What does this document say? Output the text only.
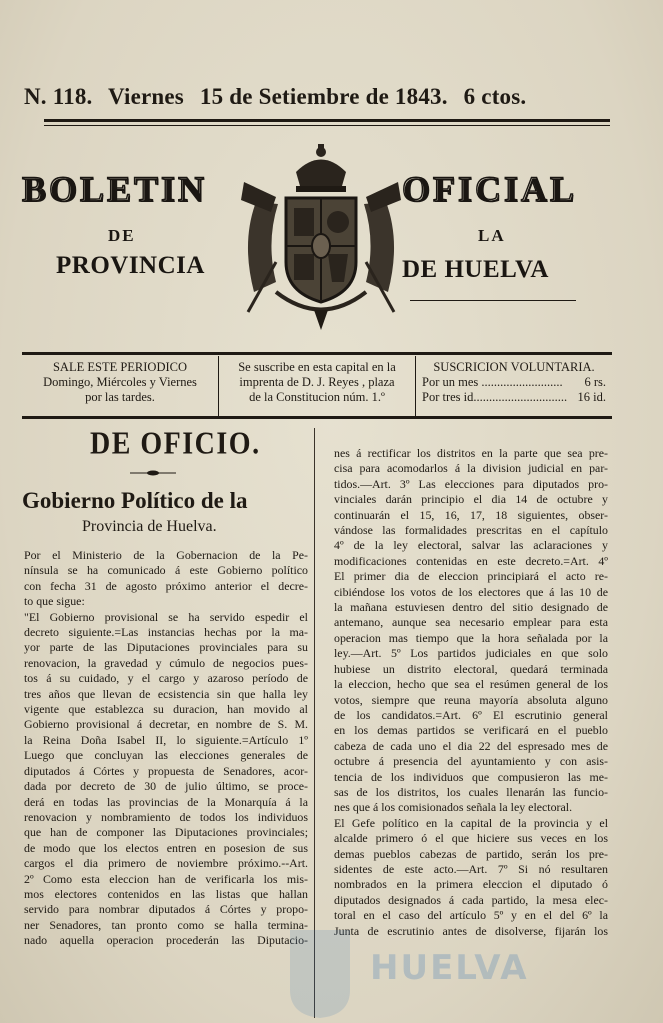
N. 118. Viernes 15 de Setiembre de 1843. 6 ctos.
BOLETIN	OFICIAL
DE	LA
PROVINCIA	DE HUELVA
SALE ESTE PERIODICO
Domingo, Miércoles y Viernes
por las tardes.
Se suscribe en esta capital en la
imprenta de D. J. Reyes , plaza
de la Constitucion núm. 1.º
SUSCRICION VOLUNTARIA.
Por un mes .......................... 6 rs.
Por tres id.............................. 16 id.
DE OFICIO.
Gobierno Político de la
Provincia de Huelva.
Por el Ministerio de la Gobernacion de la Pe-
nínsula se ha comunicado á este Gobierno político
con fecha 31 de agosto próximo anterior el decre-
to que sigue:
"El Gobierno provisional se ha servido espedir el
decreto siguiente.=Las instancias hechas por la ma-
yor parte de las Diputaciones provinciales para su
renovacion, la gravedad y cúmulo de negocios pues-
tos á su cuidado, y el cargo y azaroso período de
tres años que llevan de ecsistencia sin que halla ley
vigente que establezca su duracion, han movido al
Gobierno provisional á decretar, en nombre de S. M.
la Reina Doña Isabel II, lo siguiente.=Artículo 1º
Luego que concluyan las elecciones generales de
diputados á Córtes y propuesta de Senadores, acor-
dada por decreto de 30 de julio último, se proce-
derá en todas las provincias de la Monarquía á la
renovacion y nombramiento de todos los individuos
que han de componer las Diputaciones provinciales;
de modo que los electos entren en posesion de sus
cargos el dia primero de noviembre próximo.--Art.
2º Como esta eleccion han de verificarla los mis-
mos electores contenidos en las listas que hallan
servido para nombrar diputados á Córtes y propo-
ner Senadores, tan pronto como se halla termina-
nado aquella operacion procederán las Diputacio-
nes á rectificar los distritos en la parte que sea pre-
cisa para acomodarlos á la division judicial en par-
tidos.—Art. 3º Las elecciones para diputados pro-
vinciales darán principio el dia 14 de octubre y
continuarán el 15, 16, 17, 18 siguientes, obser-
vándose las formalidades prescritas en el capítulo
4º de la ley electoral, salvar las aclaraciones y
modificaciones contenidas en este decreto.=Art. 4º
El primer dia de eleccion principiará el acto re-
cibiéndose los votos de los electores que á las 10 de
la mañana estuviesen dentro del sitio designado de
antemano, aunque sea necesario emplear para esta
operacion mas tiempo que la hora señalada por la
ley.—Art. 5º Los partidos judiciales en que solo
hubiese un distrito electoral, quedará terminada
la eleccion, hecho que sea el resúmen general de los
votos, siempre que reuna mayoría absoluta alguno
de los candidatos.=Art. 6º El escrutinio general
en los demas partidos se verificará en el pueblo
cabeza de cada uno el dia 22 del espresado mes de
octubre á presencia del ayuntamiento y con asis-
tencia de los individuos que compusieron las me-
sas de los distritos, los cuales llenarán las funcio-
nes que á los comisionados señala la ley electoral.
El Gefe político en la capital de la provincia y el
alcalde primero ó el que hiciere sus veces en los
demas pueblos cabezas de partido, serán los pre-
sidentes de este acto.—Art. 7º Si nó resultaren
nombrados en la primera eleccion el diputado ó
diputados designados á cada partido, la mesa elec-
toral en el caso del artículo 5º y en el del 6º la
Junta de escrutinio antes de disolverse, fijarán los
HUELVA
